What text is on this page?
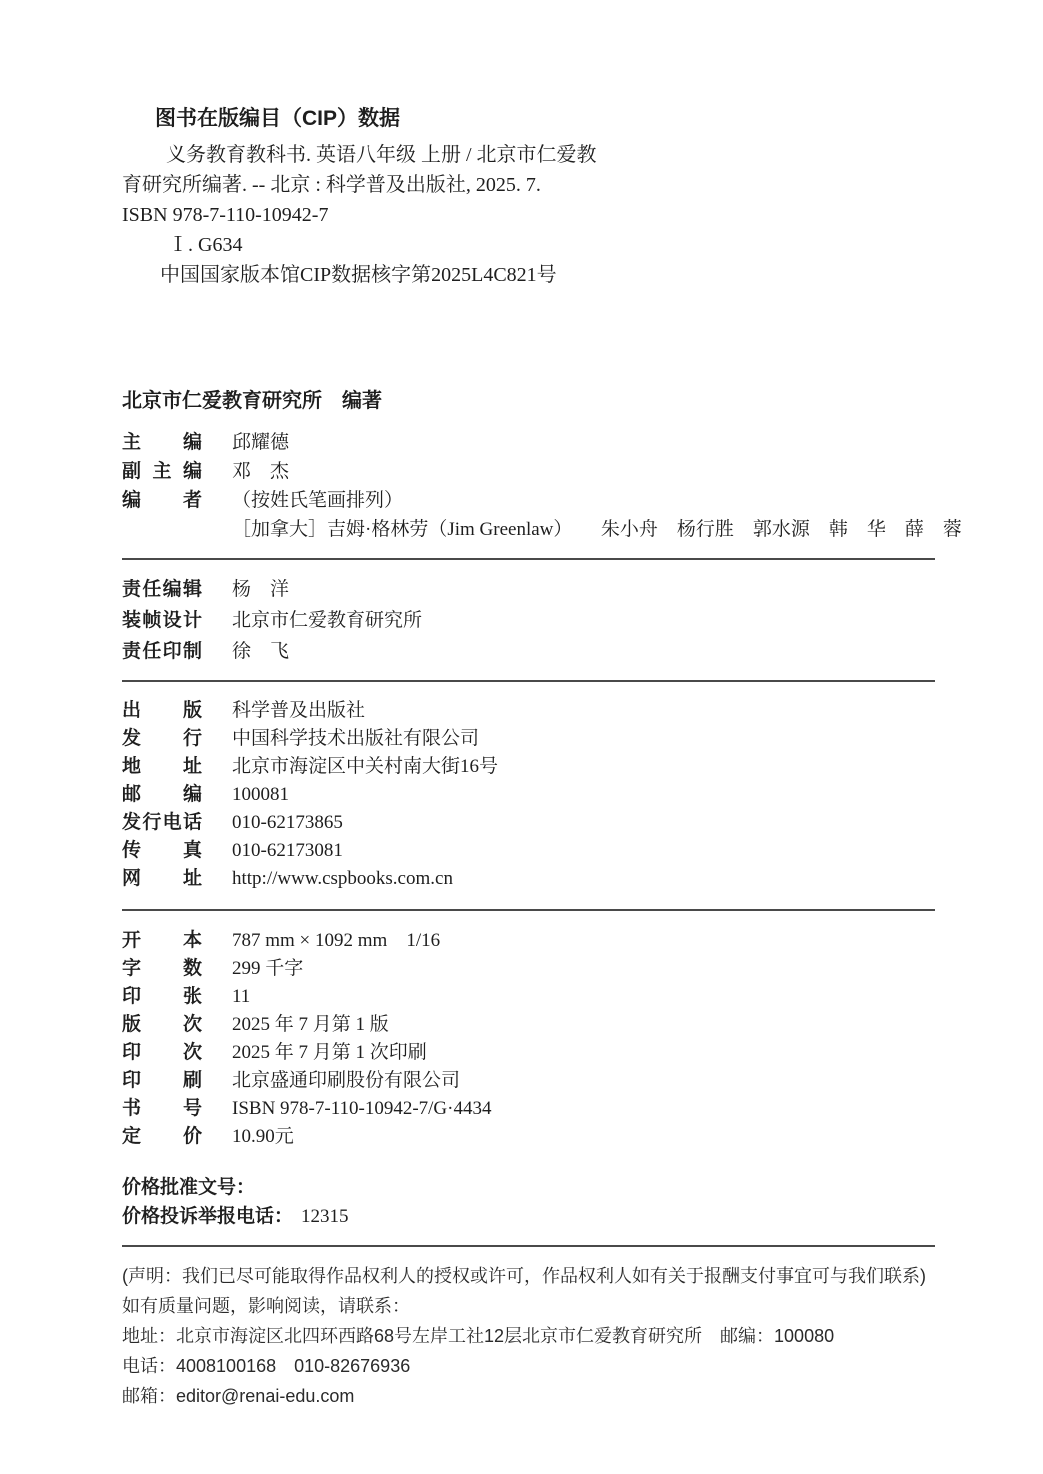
图书在版编目（CIP）数据
义务教育教科书. 英语八年级 上册 / 北京市仁爱教
育研究所编著. -- 北京 : 科学普及出版社, 2025. 7.
ISBN 978-7-110-10942-7
Ⅰ. G634
中国国家版本馆CIP数据核字第2025L4C821号
北京市仁爱教育研究所　编著
主编 邱耀德
副主编 邓　杰
编者 （按姓氏笔画排列）
［加拿大］吉姆·格林劳（Jim Greenlaw）　　朱小舟　杨行胜　郭水源　韩　华　薛　蓉
责任编辑 杨　洋
装帧设计 北京市仁爱教育研究所
责任印制 徐　飞
出版 科学普及出版社
发行 中国科学技术出版社有限公司
地址 北京市海淀区中关村南大街16号
邮编 100081
发行电话 010-62173865
传真 010-62173081
网址 http://www.cspbooks.com.cn
开本 787 mm × 1092 mm　1/16
字数 299 千字
印张 11
版次 2025 年 7 月第 1 版
印次 2025 年 7 月第 1 次印刷
印刷 北京盛通印刷股份有限公司
书号 ISBN 978-7-110-10942-7/G·4434
定价 10.90元
价格批准文号：
价格投诉举报电话： 12315
(声明：我们已尽可能取得作品权利人的授权或许可，作品权利人如有关于报酬支付事宜可与我们联系)
如有质量问题，影响阅读，请联系：
地址：北京市海淀区北四环西路68号左岸工社12层北京市仁爱教育研究所　邮编：100080
电话：4008100168　010-82676936
邮箱：editor@renai-edu.com
